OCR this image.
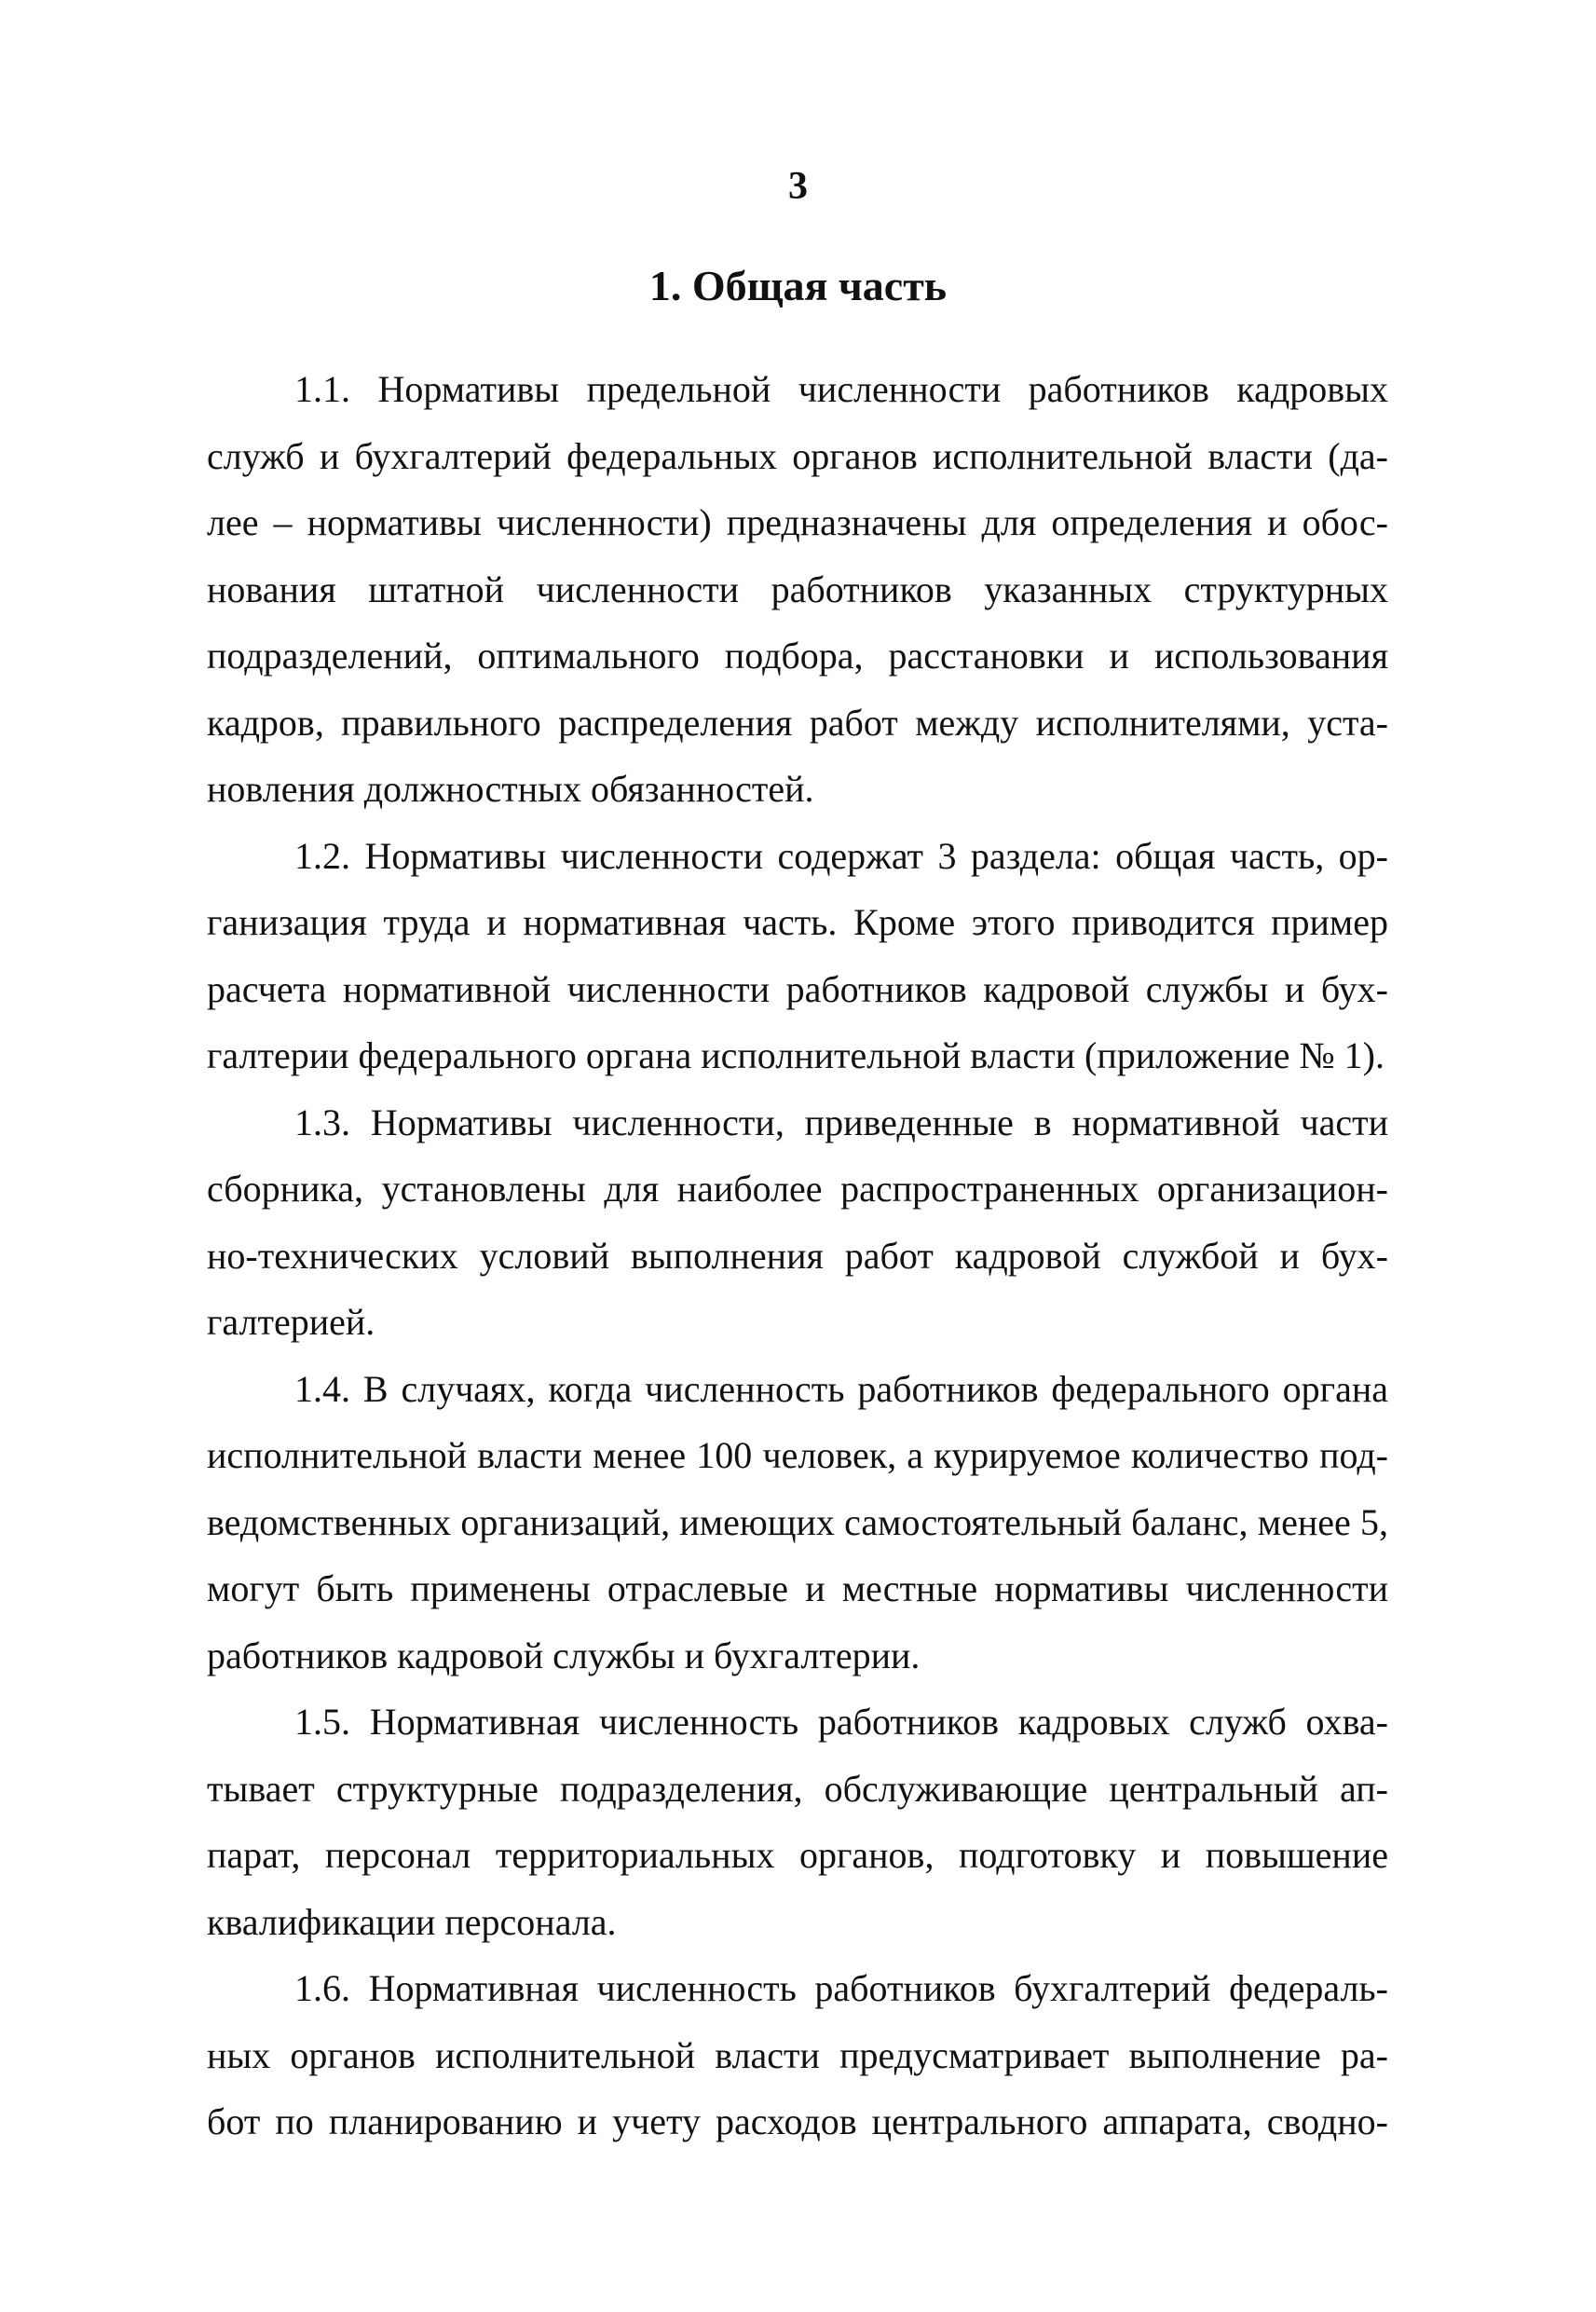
3
1. Общая часть

1.1. Нормативы предельной численности работников кадровых
служб и бухгалтерий федеральных органов исполнительной власти (да-
лее – нормативы численности) предназначены для определения и обос-
нования штатной численности работников указанных структурных
подразделений, оптимального подбора, расстановки и использования
кадров, правильного распределения работ между исполнителями, уста-
новления должностных обязанностей.

1.2. Нормативы численности содержат 3 раздела: общая часть, ор-
ганизация труда и нормативная часть. Кроме этого приводится пример
расчета нормативной численности работников кадровой службы и бух-
галтерии федерального органа исполнительной власти (приложение № 1).

1.3. Нормативы численности, приведенные в нормативной части
сборника, установлены для наиболее распространенных организацион-
но-технических условий выполнения работ кадровой службой и бух-
галтерией.

1.4. В случаях, когда численность работников федерального органа
исполнительной власти менее 100 человек, а курируемое количество под-
ведомственных организаций, имеющих самостоятельный баланс, менее 5,
могут быть применены отраслевые и местные нормативы численности
работников кадровой службы и бухгалтерии.

1.5. Нормативная численность работников кадровых служб охва-
тывает структурные подразделения, обслуживающие центральный ап-
парат, персонал территориальных органов, подготовку и повышение
квалификации персонала.

1.6. Нормативная численность работников бухгалтерий федераль-
ных органов исполнительной власти предусматривает выполнение ра-
бот по планированию и учету расходов центрального аппарата, сводно-
